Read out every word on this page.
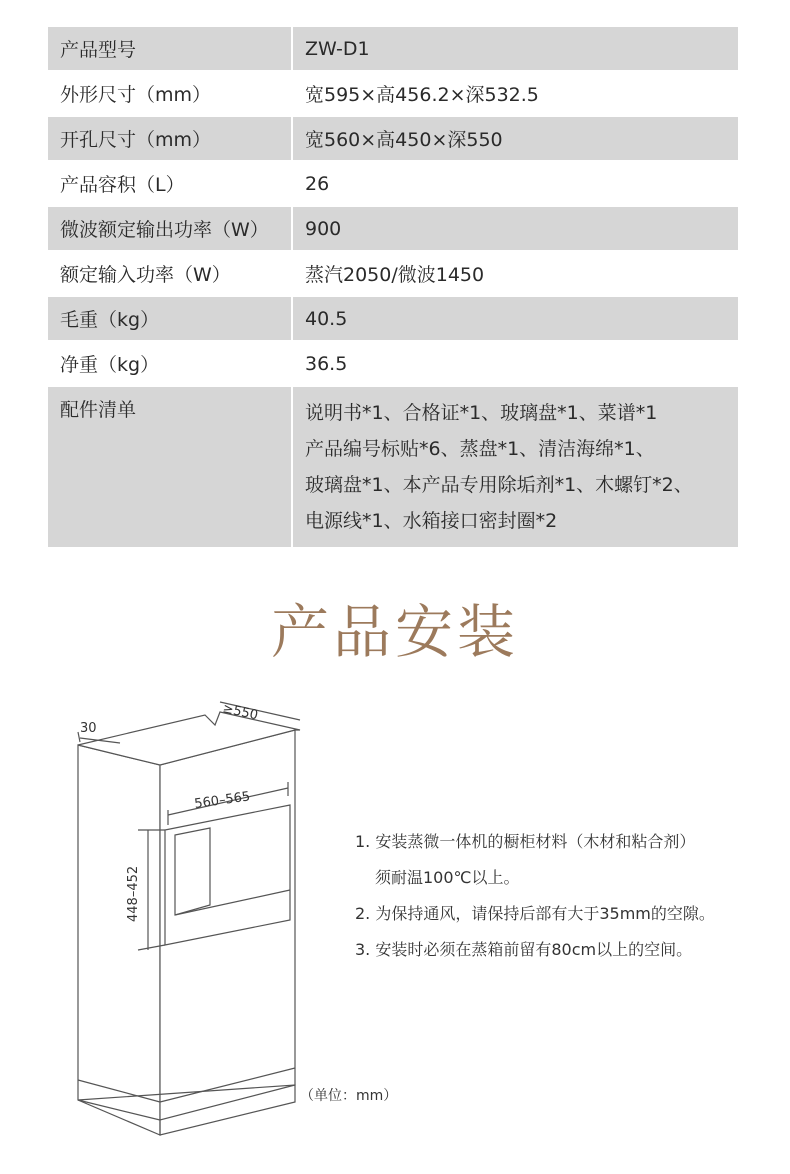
产品型号	ZW-D1
外形尺寸（mm）	宽595×高456.2×深532.5
开孔尺寸（mm）	宽560×高450×深550
产品容积（L）	26
微波额定输出功率（W）	900
额定输入功率（W）	蒸汽2050/微波1450
毛重（kg）	40.5
净重（kg）	36.5
配件清单	说明书*1、合格证*1、玻璃盘*1、菜谱*1
产品编号标贴*6、蒸盘*1、清洁海绵*1、
玻璃盘*1、本产品专用除垢剂*1、木螺钉*2、
电源线*1、水箱接口密封圈*2
产品安装
≥550
30
560–565
448–452
1. 安装蒸微一体机的橱柜材料（木材和粘合剂）
须耐温100℃以上。
2. 为保持通风，请保持后部有大于35mm的空隙。
3. 安装时必须在蒸箱前留有80cm以上的空间。
（单位：mm）
